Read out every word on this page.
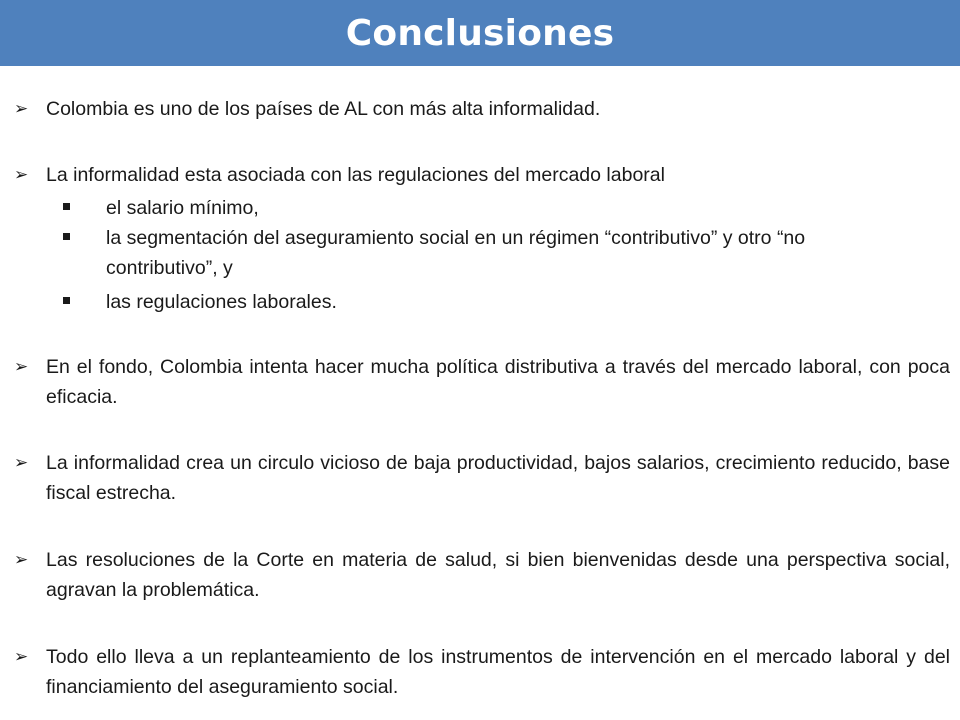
Conclusiones
➢ Colombia es uno de los países de AL con más alta informalidad.
➢ La informalidad esta asociada con las regulaciones del mercado laboral
el salario mínimo,
la segmentación del aseguramiento social en un régimen “contributivo” y otro “no contributivo”, y
las regulaciones laborales.
➢ En el fondo, Colombia intenta hacer mucha política distributiva a través del mercado laboral, con poca eficacia.
➢ La informalidad crea un circulo vicioso de baja productividad, bajos salarios, crecimiento reducido, base fiscal estrecha.
➢ Las resoluciones de la Corte en materia de salud, si bien bienvenidas desde una perspectiva social, agravan la problemática.
➢ Todo ello lleva a un replanteamiento de los instrumentos de intervención en el mercado laboral y del financiamiento del aseguramiento social.
